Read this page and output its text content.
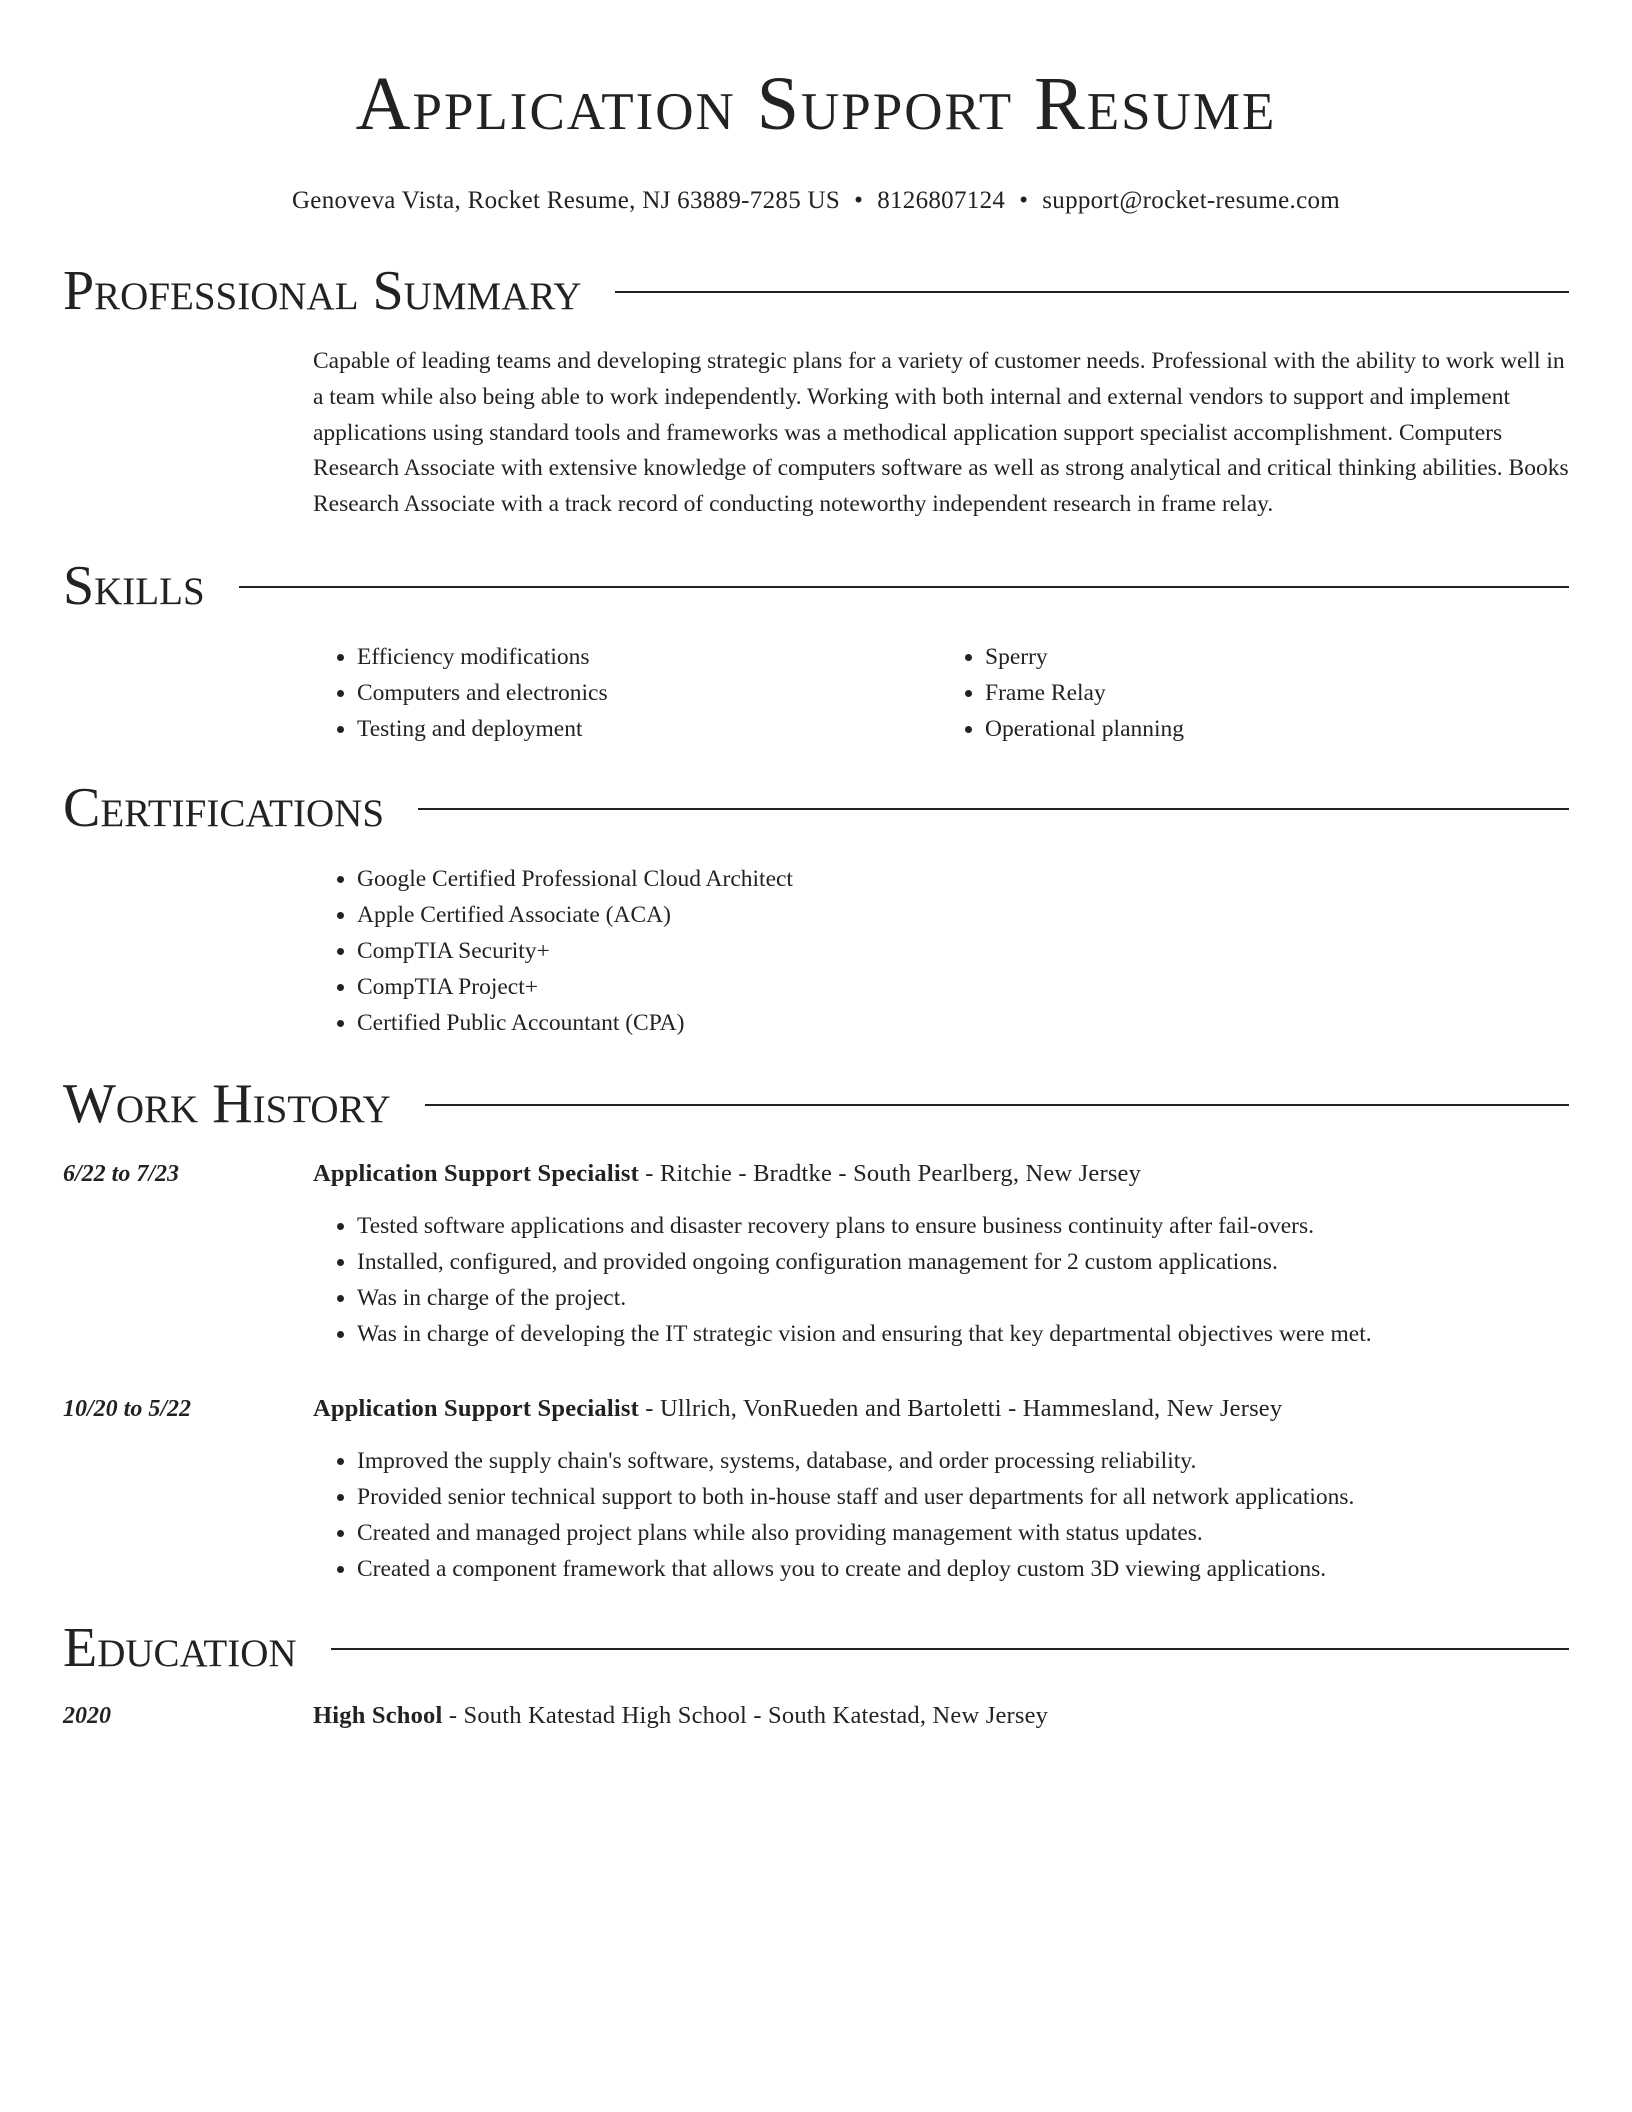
Application Support Resume
Genoveva Vista, Rocket Resume, NJ 63889-7285 US • 8126807124 • support@rocket-resume.com
Professional Summary
Capable of leading teams and developing strategic plans for a variety of customer needs. Professional with the ability to work well in a team while also being able to work independently. Working with both internal and external vendors to support and implement applications using standard tools and frameworks was a methodical application support specialist accomplishment. Computers Research Associate with extensive knowledge of computers software as well as strong analytical and critical thinking abilities. Books Research Associate with a track record of conducting noteworthy independent research in frame relay.
Skills
• Efficiency modifications
• Computers and electronics
• Testing and deployment
• Sperry
• Frame Relay
• Operational planning
Certifications
• Google Certified Professional Cloud Architect
• Apple Certified Associate (ACA)
• CompTIA Security+
• CompTIA Project+
• Certified Public Accountant (CPA)
Work History
6/22 to 7/23	Application Support Specialist - Ritchie - Bradtke - South Pearlberg, New Jersey
• Tested software applications and disaster recovery plans to ensure business continuity after fail-overs.
• Installed, configured, and provided ongoing configuration management for 2 custom applications.
• Was in charge of the project.
• Was in charge of developing the IT strategic vision and ensuring that key departmental objectives were met.
10/20 to 5/22	Application Support Specialist - Ullrich, VonRueden and Bartoletti - Hammesland, New Jersey
• Improved the supply chain's software, systems, database, and order processing reliability.
• Provided senior technical support to both in-house staff and user departments for all network applications.
• Created and managed project plans while also providing management with status updates.
• Created a component framework that allows you to create and deploy custom 3D viewing applications.
Education
2020	High School - South Katestad High School - South Katestad, New Jersey
